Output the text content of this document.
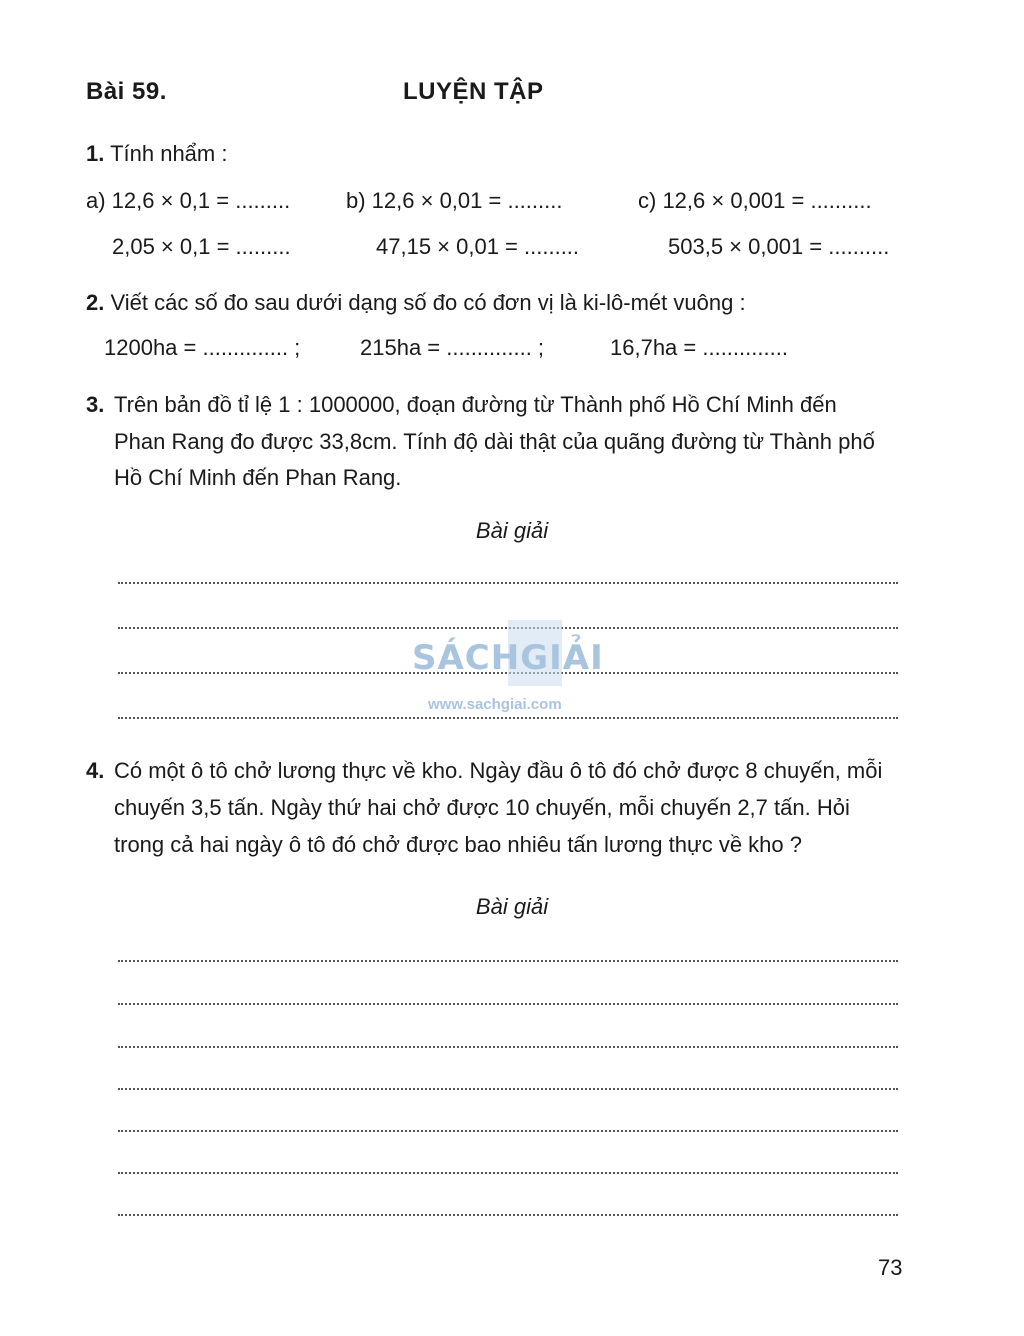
Bài 59.	LUYỆN TẬP
1. Tính nhẩm :
a) 12,6 × 0,1 = .........	b) 12,6 × 0,01 = .........	c) 12,6 × 0,001 = ..........
2,05 × 0,1 = .........	47,15 × 0,01 = .........	503,5 × 0,001 = ..........
2. Viết các số đo sau dưới dạng số đo có đơn vị là ki-lô-mét vuông :
1200ha = .............. ;	215ha = .............. ;	16,7ha = ..............
3. Trên bản đồ tỉ lệ 1 : 1000000, đoạn đường từ Thành phố Hồ Chí Minh đến
Phan Rang đo được 33,8cm. Tính độ dài thật của quãng đường từ Thành phố
Hồ Chí Minh đến Phan Rang.
Bài giải
SÁCHGIẢI
www.sachgiai.com
4. Có một ô tô chở lương thực về kho. Ngày đầu ô tô đó chở được 8 chuyến, mỗi
chuyến 3,5 tấn. Ngày thứ hai chở được 10 chuyến, mỗi chuyến 2,7 tấn. Hỏi
trong cả hai ngày ô tô đó chở được bao nhiêu tấn lương thực về kho ?
Bài giải
73
